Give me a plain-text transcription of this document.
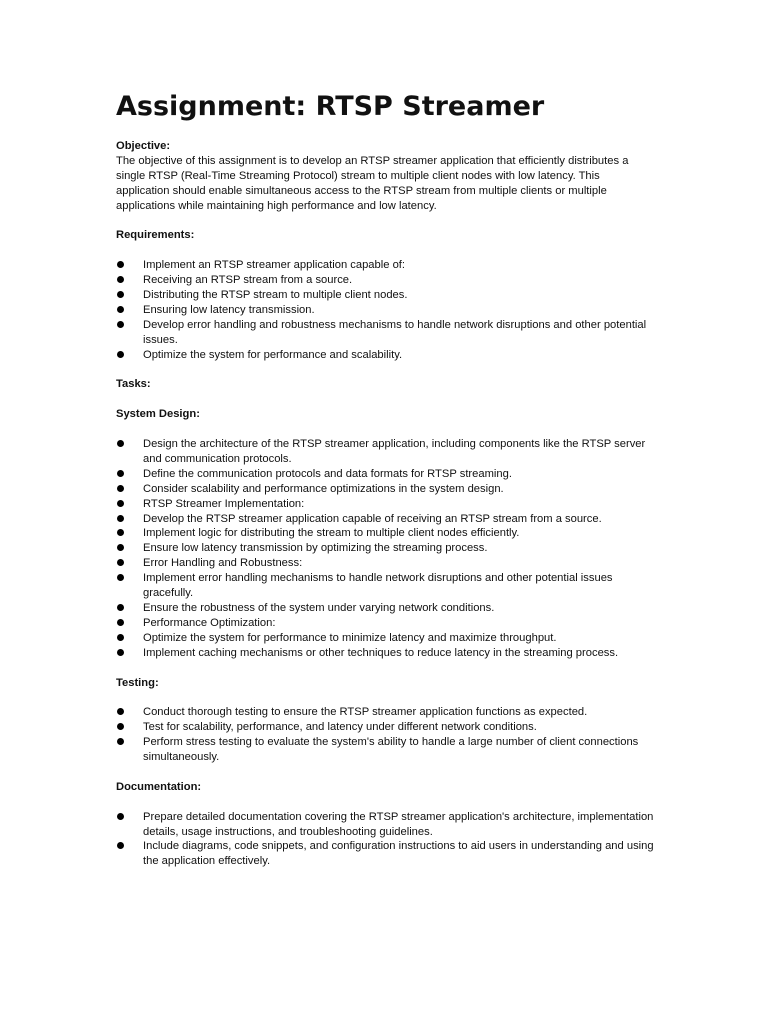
Assignment: RTSP Streamer

Objective:

The objective of this assignment is to develop an RTSP streamer application that efficiently distributes a single RTSP (Real-Time Streaming Protocol) stream to multiple client nodes with low latency. This application should enable simultaneous access to the RTSP stream from multiple clients or multiple applications while maintaining high performance and low latency.

Requirements:

Implement an RTSP streamer application capable of:
Receiving an RTSP stream from a source.
Distributing the RTSP stream to multiple client nodes.
Ensuring low latency transmission.
Develop error handling and robustness mechanisms to handle network disruptions and other potential issues.
Optimize the system for performance and scalability.

Tasks:

System Design:

Design the architecture of the RTSP streamer application, including components like the RTSP server and communication protocols.
Define the communication protocols and data formats for RTSP streaming.
Consider scalability and performance optimizations in the system design.
RTSP Streamer Implementation:
Develop the RTSP streamer application capable of receiving an RTSP stream from a source.
Implement logic for distributing the stream to multiple client nodes efficiently.
Ensure low latency transmission by optimizing the streaming process.
Error Handling and Robustness:
Implement error handling mechanisms to handle network disruptions and other potential issues gracefully.
Ensure the robustness of the system under varying network conditions.
Performance Optimization:
Optimize the system for performance to minimize latency and maximize throughput.
Implement caching mechanisms or other techniques to reduce latency in the streaming process.

Testing:

Conduct thorough testing to ensure the RTSP streamer application functions as expected.
Test for scalability, performance, and latency under different network conditions.
Perform stress testing to evaluate the system's ability to handle a large number of client connections simultaneously.

Documentation:

Prepare detailed documentation covering the RTSP streamer application's architecture, implementation details, usage instructions, and troubleshooting guidelines.
Include diagrams, code snippets, and configuration instructions to aid users in understanding and using the application effectively.
